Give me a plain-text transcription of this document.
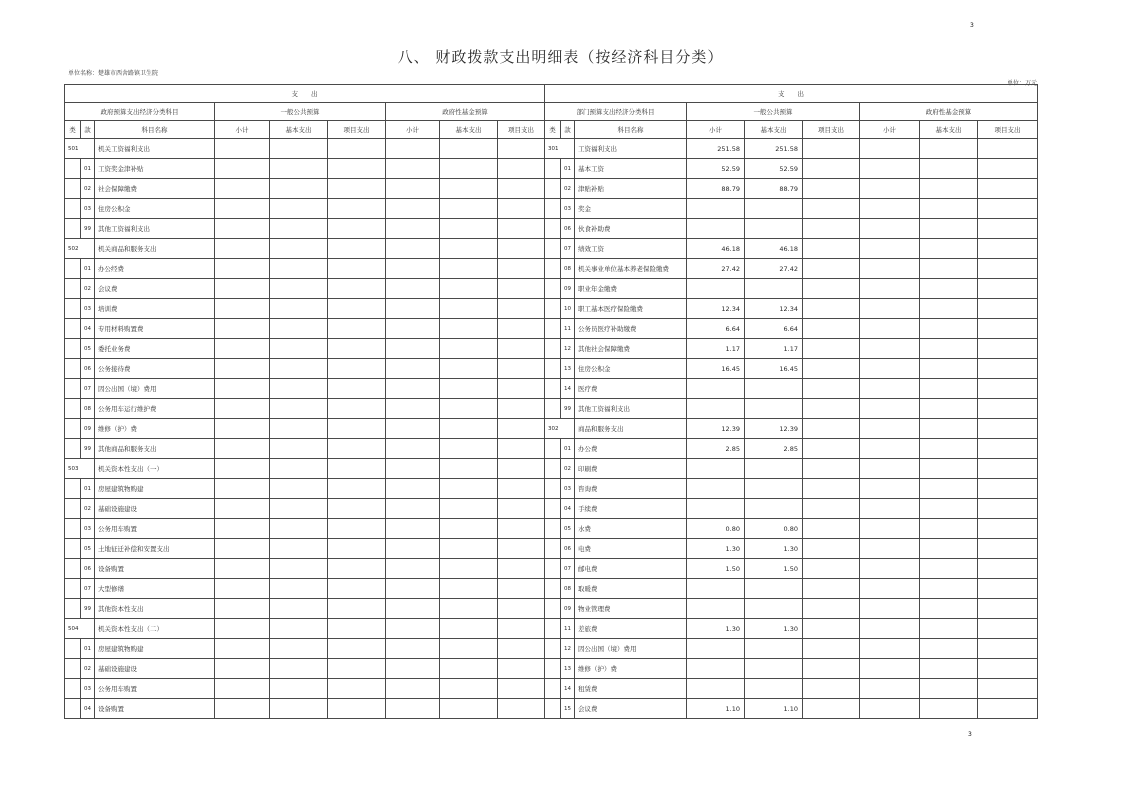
八、 财政拨款支出明细表（按经济科目分类）
单位名称：楚雄市西舍路镇卫生院
单位：万元
3
3
支　　出								
政府预算支出经济分类科目			一般公共预算			政府性基金预算		
类	款	科目名称	小计	基本支出	项目支出	小计	基本支出	项目支出
501		机关工资福利支出						
	01	工资奖金津补贴						
	02	社会保障缴费						
	03	住房公积金						
	99	其他工资福利支出						
502		机关商品和服务支出						
	01	办公经费						
	02	会议费						
	03	培训费						
	04	专用材料购置费						
	05	委托业务费						
	06	公务接待费						
	07	因公出国（境）费用						
	08	公务用车运行维护费						
	09	维修（护）费						
	99	其他商品和服务支出						
503		机关资本性支出（一）						
	01	房屋建筑物购建						
	02	基础设施建设						
	03	公务用车购置						
	05	土地征迁补偿和安置支出						
	06	设备购置						
	07	大型修缮						
	99	其他资本性支出						
504		机关资本性支出（二）						
	01	房屋建筑物购建						
	02	基础设施建设						
	03	公务用车购置						
	04	设备购置						
支　　出								
部门预算支出经济分类科目			一般公共预算			政府性基金预算		
类	款	科目名称	小计	基本支出	项目支出	小计	基本支出	项目支出
301		工资福利支出	251.58	251.58				
	01	基本工资	52.59	52.59				
	02	津贴补贴	88.79	88.79				
	03	奖金						
	06	伙食补助费						
	07	绩效工资	46.18	46.18				
	08	机关事业单位基本养老保险缴费	27.42	27.42				
	09	职业年金缴费						
	10	职工基本医疗保险缴费	12.34	12.34				
	11	公务员医疗补助缴费	6.64	6.64				
	12	其他社会保障缴费	1.17	1.17				
	13	住房公积金	16.45	16.45				
	14	医疗费						
	99	其他工资福利支出						
302		商品和服务支出	12.39	12.39				
	01	办公费	2.85	2.85				
	02	印刷费						
	03	咨询费						
	04	手续费						
	05	水费	0.80	0.80				
	06	电费	1.30	1.30				
	07	邮电费	1.50	1.50				
	08	取暖费						
	09	物业管理费						
	11	差旅费	1.30	1.30				
	12	因公出国（境）费用						
	13	维修（护）费						
	14	租赁费						
	15	会议费	1.10	1.10				
